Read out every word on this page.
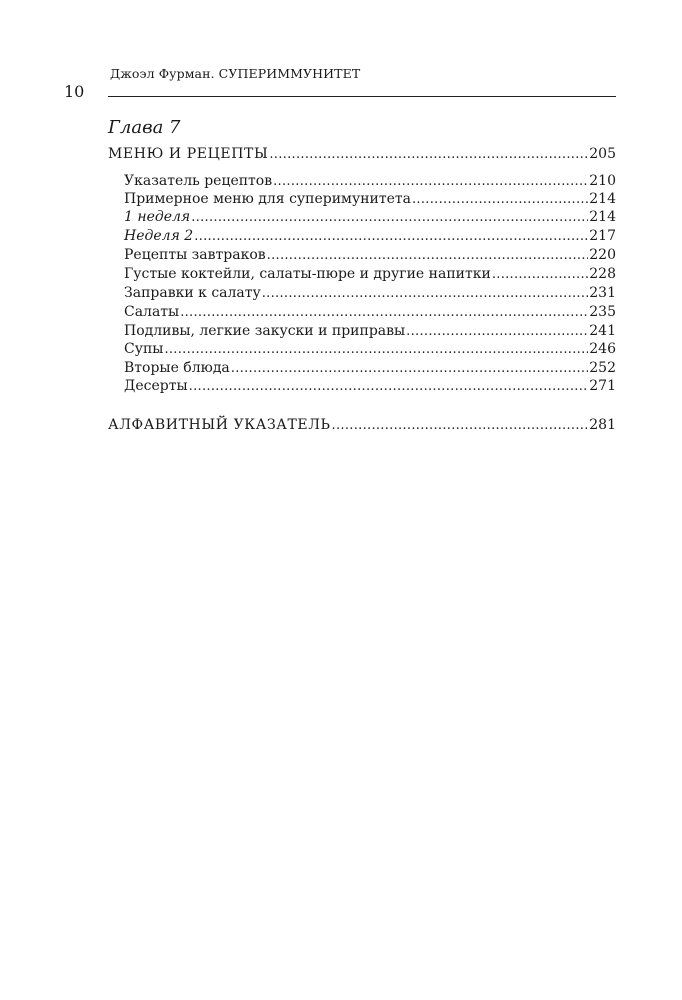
Джоэл Фурман. СУПЕРИММУНИТЕТ
10
Глава 7
МЕНЮ И РЕЦЕПТЫ .....	205
Указатель рецептов .....	210
Примерное меню для суперимунитета .....	214
1 неделя .....	214
Неделя 2 .....	217
Рецепты завтраков .....	220
Густые коктейли, салаты-пюре и другие напитки .....	228
Заправки к салату .....	231
Салаты .....	235
Подливы, легкие закуски и приправы .....	241
Супы .....	246
Вторые блюда .....	252
Десерты .....	271
АЛФАВИТНЫЙ УКАЗАТЕЛЬ .....	281
